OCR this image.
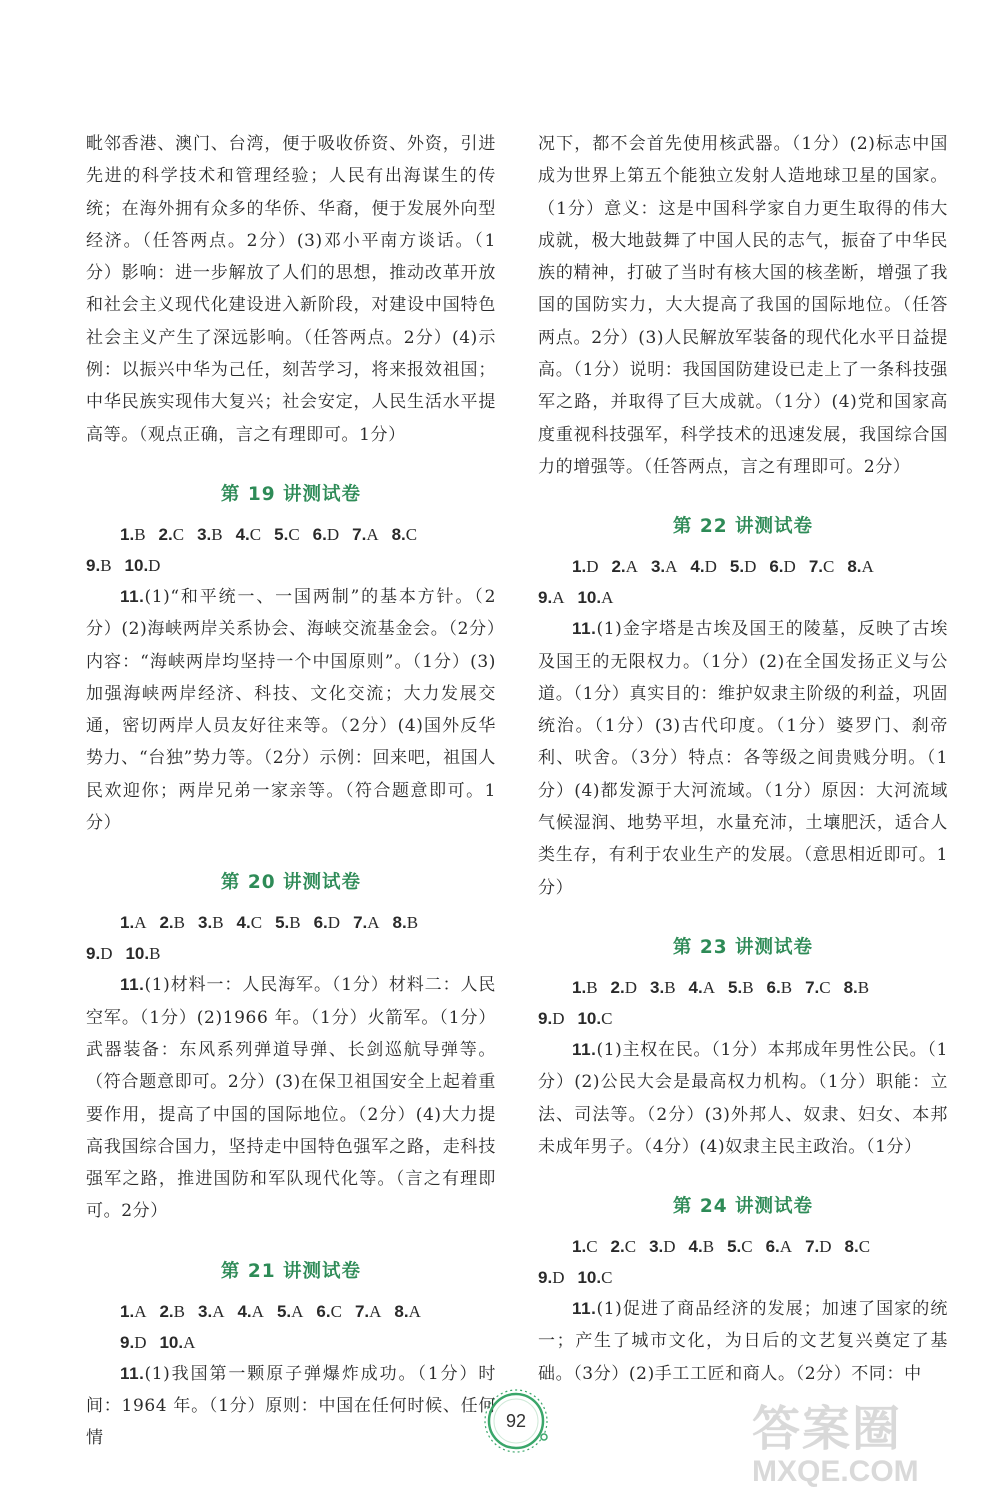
毗邻香港、澳门、台湾，便于吸收侨资、外资，引进先进的科学技术和管理经验；人民有出海谋生的传统；在海外拥有众多的华侨、华裔，便于发展外向型经济。（任答两点。2分）(3)邓小平南方谈话。（1分）影响：进一步解放了人们的思想，推动改革开放和社会主义现代化建设进入新阶段，对建设中国特色社会主义产生了深远影响。（任答两点。2分）(4)示例：以振兴中华为己任，刻苦学习，将来报效祖国；中华民族实现伟大复兴；社会安定，人民生活水平提高等。（观点正确，言之有理即可。1分）

第 19 讲测试卷
1.B 2.C 3.B 4.C 5.C 6.D 7.A 8.C
9.B 10.D

11.(1)“和平统一、一国两制”的基本方针。（2分）(2)海峡两岸关系协会、海峡交流基金会。（2分）内容：“海峡两岸均坚持一个中国原则”。（1分）(3)加强海峡两岸经济、科技、文化交流；大力发展交通，密切两岸人员友好往来等。（2分）(4)国外反华势力、“台独”势力等。（2分）示例：回来吧，祖国人民欢迎你；两岸兄弟一家亲等。（符合题意即可。1分）

第 20 讲测试卷
1.A 2.B 3.B 4.C 5.B 6.D 7.A 8.B
9.D 10.B

11.(1)材料一：人民海军。（1分）材料二：人民空军。（1分）(2)1966 年。（1分）火箭军。（1分）武器装备：东风系列弹道导弹、长剑巡航导弹等。（符合题意即可。2分）(3)在保卫祖国安全上起着重要作用，提高了中国的国际地位。（2分）(4)大力提高我国综合国力，坚持走中国特色强军之路，走科技强军之路，推进国防和军队现代化等。（言之有理即可。2分）

第 21 讲测试卷
1.A 2.B 3.A 4.A 5.A 6.C 7.A 8.A
9.D 10.A

11.(1)我国第一颗原子弹爆炸成功。（1分）时间：1964 年。（1分）原则：中国在任何时候、任何情

况下，都不会首先使用核武器。（1分）(2)标志中国成为世界上第五个能独立发射人造地球卫星的国家。（1分）意义：这是中国科学家自力更生取得的伟大成就，极大地鼓舞了中国人民的志气，振奋了中华民族的精神，打破了当时有核大国的核垄断，增强了我国的国防实力，大大提高了我国的国际地位。（任答两点。2分）(3)人民解放军装备的现代化水平日益提高。（1分）说明：我国国防建设已走上了一条科技强军之路，并取得了巨大成就。（1分）(4)党和国家高度重视科技强军，科学技术的迅速发展，我国综合国力的增强等。（任答两点，言之有理即可。2分）

第 22 讲测试卷
1.D 2.A 3.A 4.D 5.D 6.D 7.C 8.A
9.A 10.A

11.(1)金字塔是古埃及国王的陵墓，反映了古埃及国王的无限权力。（1分）(2)在全国发扬正义与公道。（1分）真实目的：维护奴隶主阶级的利益，巩固统治。（1分）(3)古代印度。（1分）婆罗门、刹帝利、吠舍。（3分）特点：各等级之间贵贱分明。（1分）(4)都发源于大河流域。（1分）原因：大河流域气候湿润、地势平坦，水量充沛，土壤肥沃，适合人类生存，有利于农业生产的发展。（意思相近即可。1分）

第 23 讲测试卷
1.B 2.D 3.B 4.A 5.B 6.B 7.C 8.B
9.D 10.C

11.(1)主权在民。（1分）本邦成年男性公民。（1分）(2)公民大会是最高权力机构。（1分）职能：立法、司法等。（2分）(3)外邦人、奴隶、妇女、本邦未成年男子。（4分）(4)奴隶主民主政治。（1分）

第 24 讲测试卷
1.C 2.C 3.D 4.B 5.C 6.A 7.D 8.C
9.D 10.C

11.(1)促进了商品经济的发展；加速了国家的统一；产生了城市文化，为日后的文艺复兴奠定了基础。（3分）(2)手工工匠和商人。（2分）不同：中

92	答案圈
MXQE.COM
